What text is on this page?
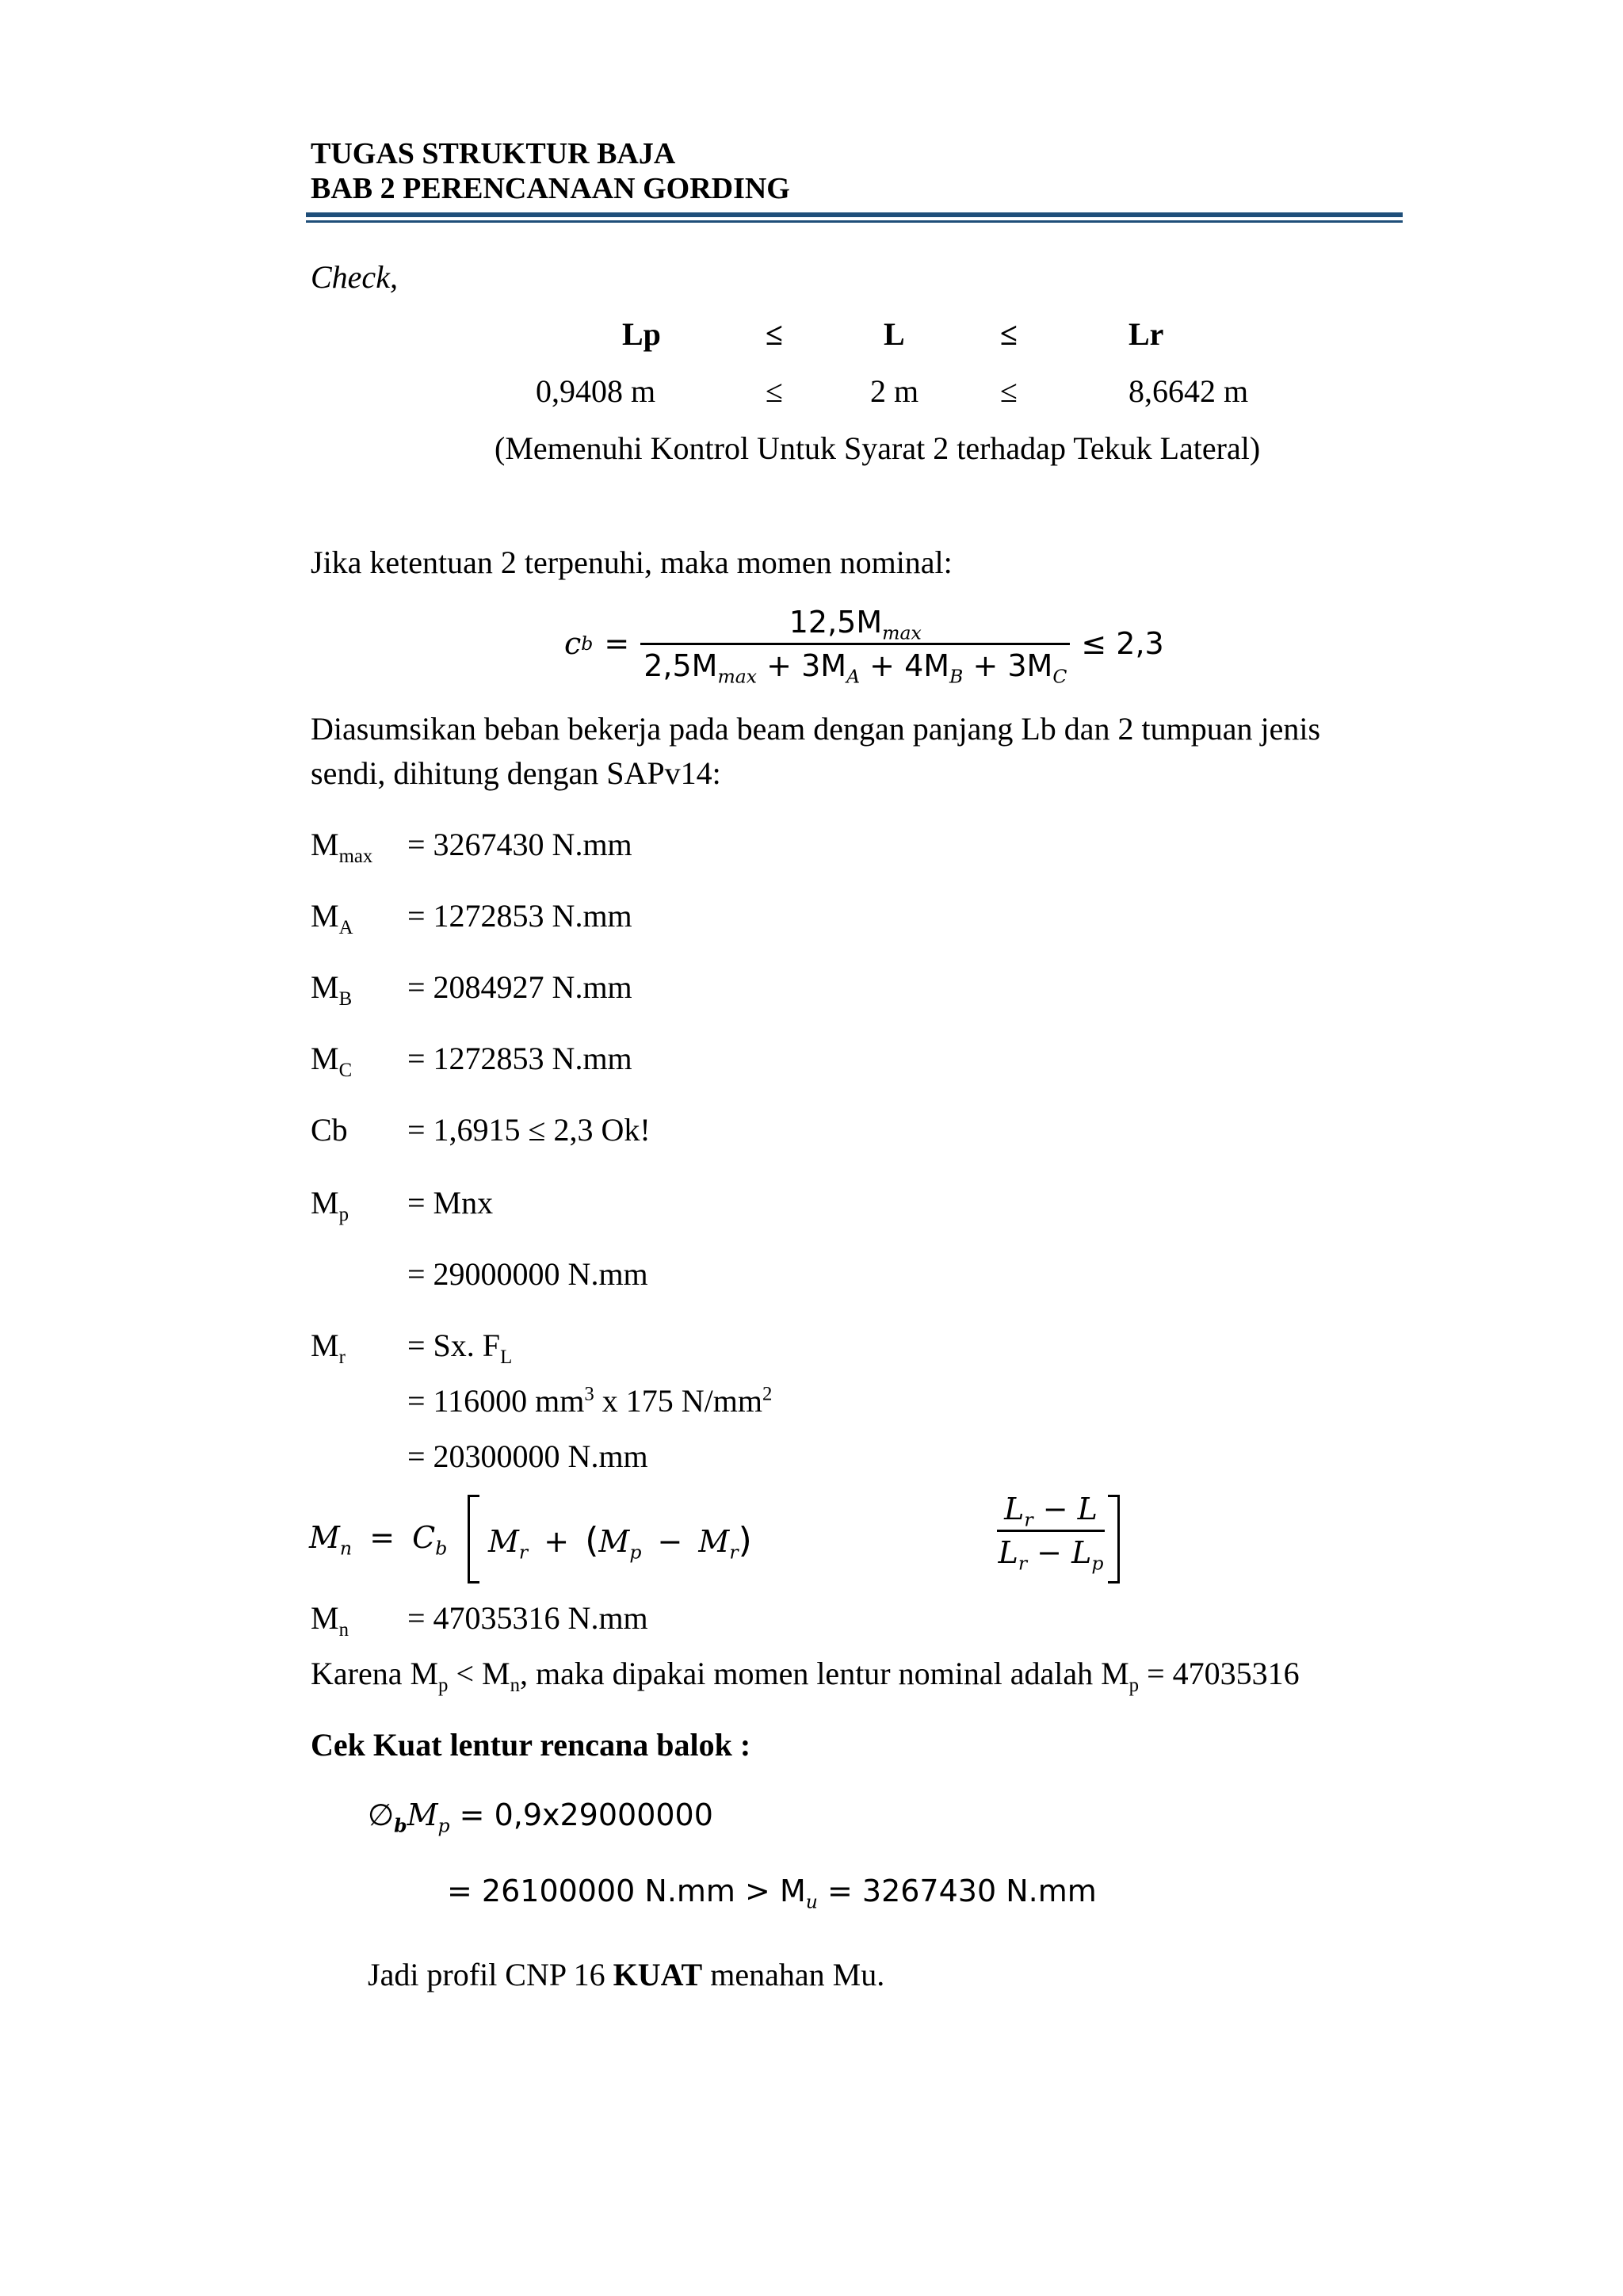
TUGAS STRUKTUR BAJA
BAB 2 PERENCANAAN GORDING
Check,
Lp	≤	L	≤	Lr
0,9408 m	≤	2 m	≤	8,6642 m
(Memenuhi Kontrol Untuk Syarat 2 terhadap Tekuk Lateral)
Jika ketentuan 2 terpenuhi, maka momen nominal:
c $b = \frac{12,5M_{max}}{2,5M_{max} + 3M_A + 4M_B + 3M_C} \le 2,3$
Diasumsikan beban bekerja pada beam dengan panjang Lb dan 2 tumpuan jenis
sendi, dihitung dengan SAPv14:
$M_{max} = 3267430$ N.mm
$M_A = 1272853$ N.mm
$M_B = 2084927$ N.mm
$M_C = 1272853$ N.mm
Cb = 1,6915 ≤ 2,3 Ok!
$M_p$ = Mnx
= 29000000 N.mm
$M_r = Sx$. $F_L$
= 116000 $mm^3$ x 175 $N/mm^2$
= 20300000 N.mm
$M_n = C_b$ $M_r + (M_p - M_r)$
$L_r - L$
$L_r - L_p$
$M_n = 47035316$ N.mm
Karena $M_p < M_n$, maka dipakai momen lentur nominal adalah $M_p = 47035316$
Cek Kuat lentur rencana balok :
$\emptyset_bM_p = 0,9x29000000$
= 26100000 $N.mm > M_u = 3267430$ N.mm
Jadi profil CNP 16 KUAT menahan Mu.
